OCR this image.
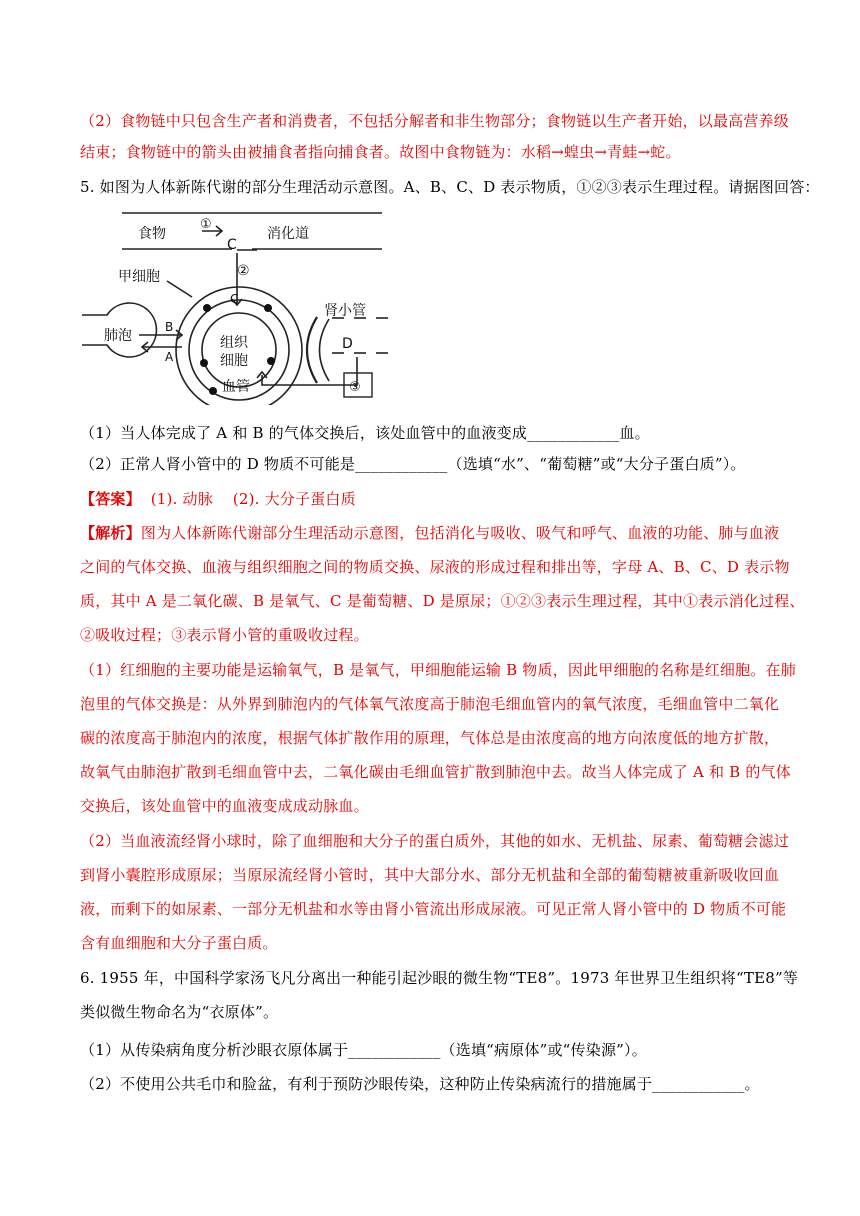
（2）食物链中只包含生产者和消费者，不包括分解者和非生物部分；食物链以生产者开始，以最高营养级
结束；食物链中的箭头由被捕食者指向捕食者。故图中食物链为：水稻→蝗虫→青蛙→蛇。
5. 如图为人体新陈代谢的部分生理活动示意图。A、B、C、D 表示物质，①②③表示生理过程。请据图回答：
食物
①
C
消化道
甲细胞	②
C
肺泡
B
A
组织
细胞
肾小管
D
血管	③
（1）当人体完成了 A 和 B 的气体交换后，该处血管中的血液变成____________血。
（2）正常人肾小管中的 D 物质不可能是____________（选填“水”、“葡萄糖”或“大分子蛋白质”）。
【答案】  (1). 动脉    (2). 大分子蛋白质
【解析】图为人体新陈代谢部分生理活动示意图，包括消化与吸收、吸气和呼气、血液的功能、肺与血液
之间的气体交换、血液与组织细胞之间的物质交换、尿液的形成过程和排出等，字母 A、B、C、D 表示物
质，其中 A 是二氧化碳、B 是氧气、C 是葡萄糖、D 是原尿；①②③表示生理过程，其中①表示消化过程、
②吸收过程；③表示肾小管的重吸收过程。
（1）红细胞的主要功能是运输氧气，B 是氧气，甲细胞能运输 B 物质，因此甲细胞的名称是红细胞。在肺
泡里的气体交换是：从外界到肺泡内的气体氧气浓度高于肺泡毛细血管内的氧气浓度，毛细血管中二氧化
碳的浓度高于肺泡内的浓度，根据气体扩散作用的原理，气体总是由浓度高的地方向浓度低的地方扩散，
故氧气由肺泡扩散到毛细血管中去，二氧化碳由毛细血管扩散到肺泡中去。故当人体完成了 A 和 B 的气体
交换后，该处血管中的血液变成成动脉血。
（2）当血液流经肾小球时，除了血细胞和大分子的蛋白质外，其他的如水、无机盐、尿素、葡萄糖会滤过
到肾小囊腔形成原尿；当原尿流经肾小管时，其中大部分水、部分无机盐和全部的葡萄糖被重新吸收回血
液，而剩下的如尿素、一部分无机盐和水等由肾小管流出形成尿液。可见正常人肾小管中的 D 物质不可能
含有血细胞和大分子蛋白质。
6. 1955 年，中国科学家汤飞凡分离出一种能引起沙眼的微生物“TE8”。1973 年世界卫生组织将“TE8”等
类似微生物命名为“衣原体”。
（1）从传染病角度分析沙眼衣原体属于____________（选填“病原体”或“传染源”）。
（2）不使用公共毛巾和脸盆，有利于预防沙眼传染，这种防止传染病流行的措施属于____________。
